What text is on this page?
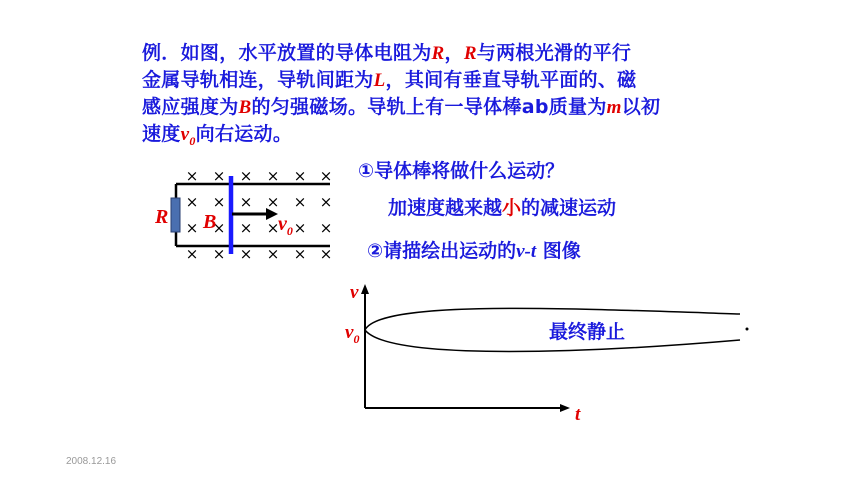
例．如图，水平放置的导体电阻为R，R与两根光滑的平行
金属导轨相连，导轨间距为L，其间有垂直导轨平面的、磁
感应强度为B的匀强磁场。导轨上有一导体棒ab质量为m以初
速度$v_0$向右运动。
× × × × × ×
× × × × × ×
× × × × × ×
× × × × × ×
R B	$v_0$
①导体棒将做什么运动？
加速度越来越小的减速运动
②请描绘出运动的v-t 图像
v
t
$v_0$	最终静止
2008.12.16
